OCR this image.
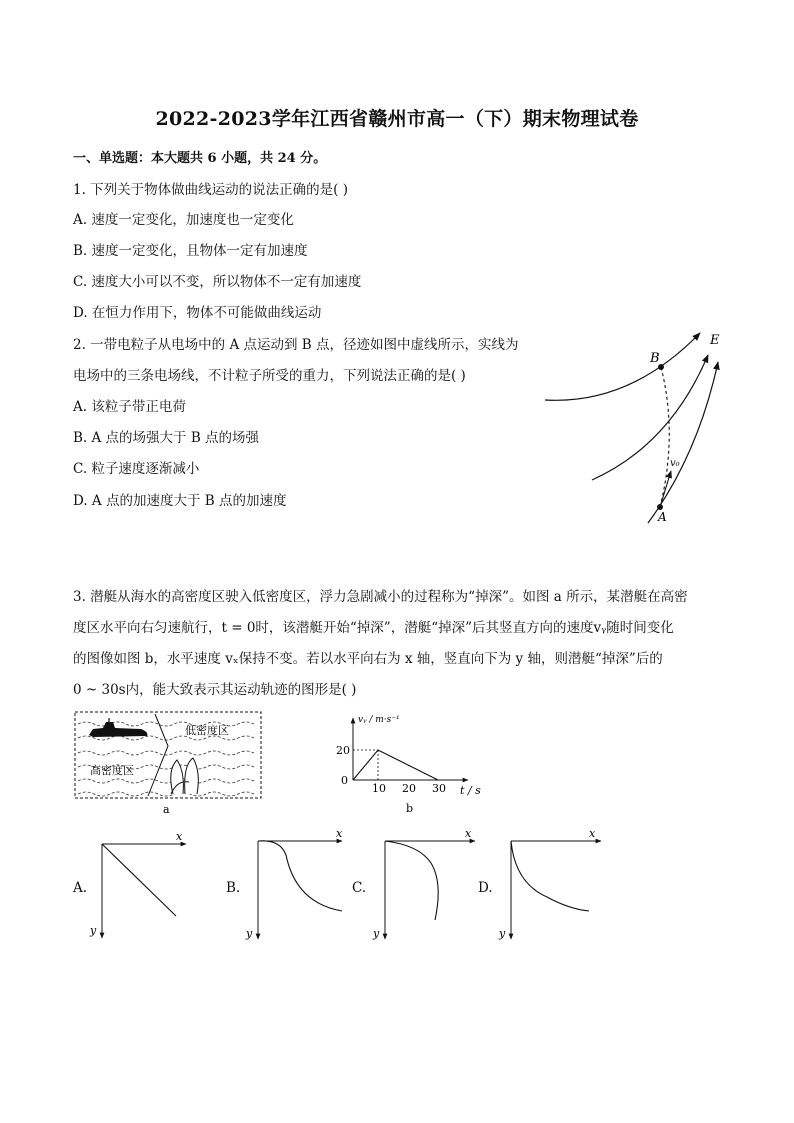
2022-2023学年江西省赣州市高一（下）期末物理试卷
一、单选题：本大题共 6 小题，共 24 分。
1. 下列关于物体做曲线运动的说法正确的是( )
A. 速度一定变化，加速度也一定变化
B. 速度一定变化，且物体一定有加速度
C. 速度大小可以不变，所以物体不一定有加速度
D. 在恒力作用下，物体不可能做曲线运动
2. 一带电粒子从电场中的 A 点运动到 B 点，径迹如图中虚线所示，实线为
电场中的三条电场线，不计粒子所受的重力，下列说法正确的是( )
A. 该粒子带正电荷
B. A 点的场强大于 B 点的场强
C. 粒子速度逐渐减小
D. A 点的加速度大于 B 点的加速度
B
E
A
v₀
3. 潜艇从海水的高密度区驶入低密度区，浮力急剧减小的过程称为“掉深”。如图 a 所示，某潜艇在高密
度区水平向右匀速航行，t = 0时，该潜艇开始“掉深”，潜艇“掉深”后其竖直方向的速度vᵧ随时间变化
的图像如图 b，水平速度 vₓ保持不变。若以水平向右为 x 轴，竖直向下为 y 轴，则潜艇“掉深”后的
0 ~ 30s内，能大致表示其运动轨迹的图形是( )
低密度区
高密度区
a
vᵧ / m·s⁻¹
20
0
10 20 30 t / s
b
A.
x
y
B.
x
y
C.
x
y
D.
x
y
